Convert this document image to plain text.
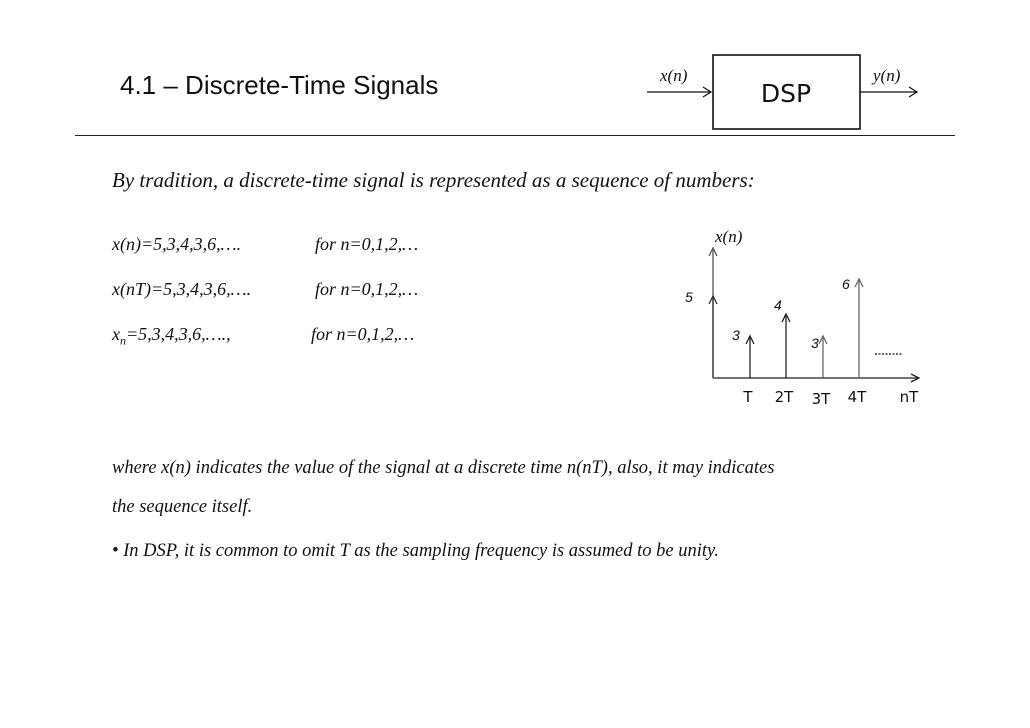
4.1 – Discrete-Time Signals	x(n)
DSP
y(n)
By tradition, a discrete-time signal is represented as a sequence of numbers:
x(n)=5,3,4,3,6,….	for n=0,1,2,…
x(nT)=5,3,4,3,6,….	for n=0,1,2,…
$x_n=5,3,4,3,6,\dots$.,	for n=0,1,2,…
x(n)
5
3
4
3
6
T 2T 3T 4T nT
where x(n) indicates the value of the signal at a discrete time n(nT), also, it may indicates
the sequence itself.
• In DSP, it is common to omit T as the sampling frequency is assumed to be unity.
